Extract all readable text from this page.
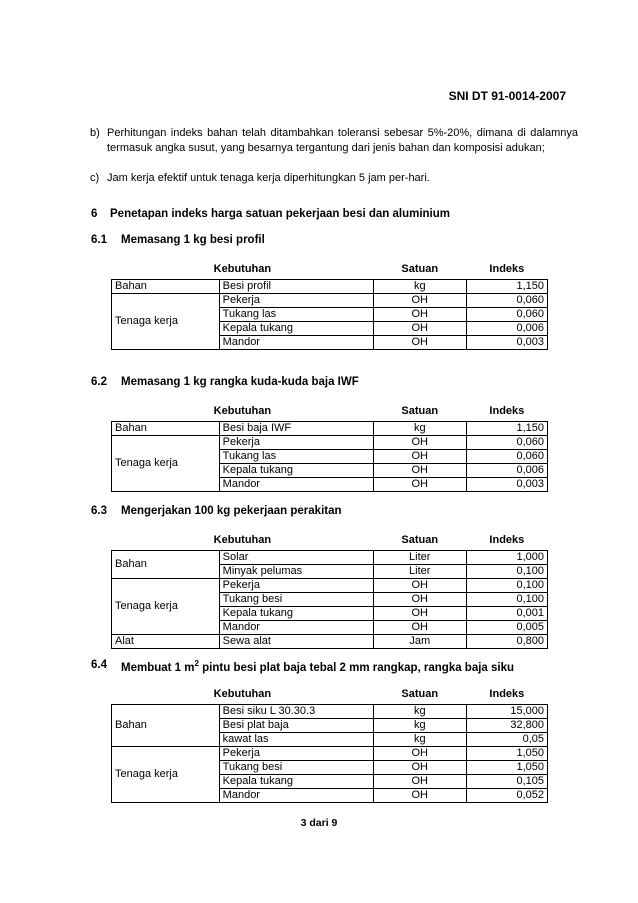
SNI DT 91-0014-2007
b) Perhitungan indeks bahan telah ditambahkan toleransi sebesar 5%-20%, dimana di dalamnya termasuk angka susut, yang besarnya tergantung dari jenis bahan dan komposisi adukan;
c) Jam kerja efektif untuk tenaga kerja diperhitungkan 5 jam per-hari.
6 Penetapan indeks harga satuan pekerjaan besi dan aluminium
6.1 Memasang 1 kg besi profil
Kebutuhan		Satuan	Indeks
Bahan	Besi profil	kg	1,150
Tenaga kerja	Pekerja	OH	0,060
	Tukang las	OH	0,060
	Kepala tukang	OH	0,006
	Mandor	OH	0,003
6.2 Memasang 1 kg rangka kuda-kuda baja IWF
Kebutuhan		Satuan	Indeks
Bahan	Besi baja IWF	kg	1,150
Tenaga kerja	Pekerja	OH	0,060
	Tukang las	OH	0,060
	Kepala tukang	OH	0,006
	Mandor	OH	0,003
6.3 Mengerjakan 100 kg pekerjaan perakitan
Kebutuhan		Satuan	Indeks
Bahan	Solar	Liter	1,000
	Minyak pelumas	Liter	0,100
Tenaga kerja	Pekerja	OH	0,100
	Tukang besi	OH	0,100
	Kepala tukang	OH	0,001
	Mandor	OH	0,005
Alat	Sewa alat	Jam	0,800
6.4 Membuat 1 $m^2$ pintu besi plat baja tebal 2 mm rangkap, rangka baja siku
Kebutuhan		Satuan	Indeks
Bahan	Besi siku L 30.30.3	kg	15,000
	Besi plat baja	kg	32,800
	kawat las	kg	0,05
Tenaga kerja	Pekerja	OH	1,050
	Tukang besi	OH	1,050
	Kepala tukang	OH	0,105
	Mandor	OH	0,052
3 dari 9
